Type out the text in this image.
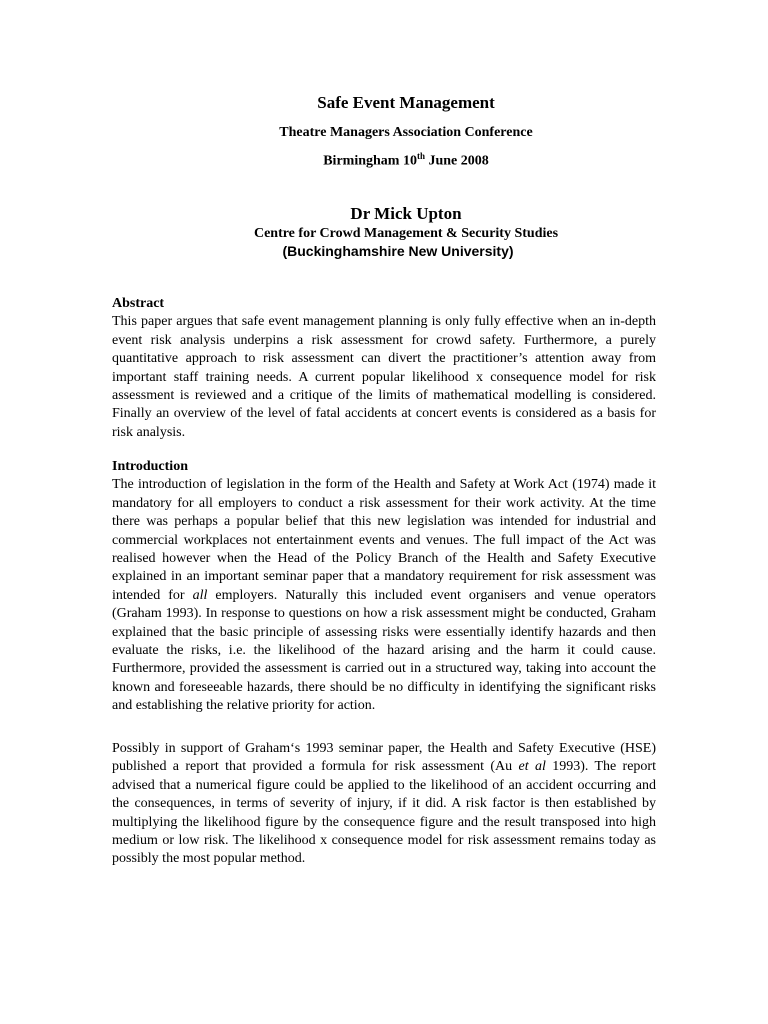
Safe Event Management
Theatre Managers Association Conference
Birmingham 10th June 2008
Dr Mick Upton
Centre for Crowd Management & Security Studies
(Buckinghamshire New University)
Abstract

This paper argues that safe event management planning is only fully effective when an in-depth event risk analysis underpins a risk assessment for crowd safety. Furthermore, a purely quantitative approach to risk assessment can divert the practitioner’s attention away from important staff training needs. A current popular likelihood x consequence model for risk assessment is reviewed and a critique of the limits of mathematical modelling is considered. Finally an overview of the level of fatal accidents at concert events is considered as a basis for risk analysis.

Introduction

The introduction of legislation in the form of the Health and Safety at Work Act (1974) made it mandatory for all employers to conduct a risk assessment for their work activity. At the time there was perhaps a popular belief that this new legislation was intended for industrial and commercial workplaces not entertainment events and venues. The full impact of the Act was realised however when the Head of the Policy Branch of the Health and Safety Executive explained in an important seminar paper that a mandatory requirement for risk assessment was intended for all employers. Naturally this included event organisers and venue operators (Graham 1993). In response to questions on how a risk assessment might be conducted, Graham explained that the basic principle of assessing risks were essentially identify hazards and then evaluate the risks, i.e. the likelihood of the hazard arising and the harm it could cause. Furthermore, provided the assessment is carried out in a structured way, taking into account the known and foreseeable hazards, there should be no difficulty in identifying the significant risks and establishing the relative priority for action.

Possibly in support of Graham‘s 1993 seminar paper, the Health and Safety Executive (HSE) published a report that provided a formula for risk assessment (Au et al 1993). The report advised that a numerical figure could be applied to the likelihood of an accident occurring and the consequences, in terms of severity of injury, if it did. A risk factor is then established by multiplying the likelihood figure by the consequence figure and the result transposed into high medium or low risk. The likelihood x consequence model for risk assessment remains today as possibly the most popular method.
